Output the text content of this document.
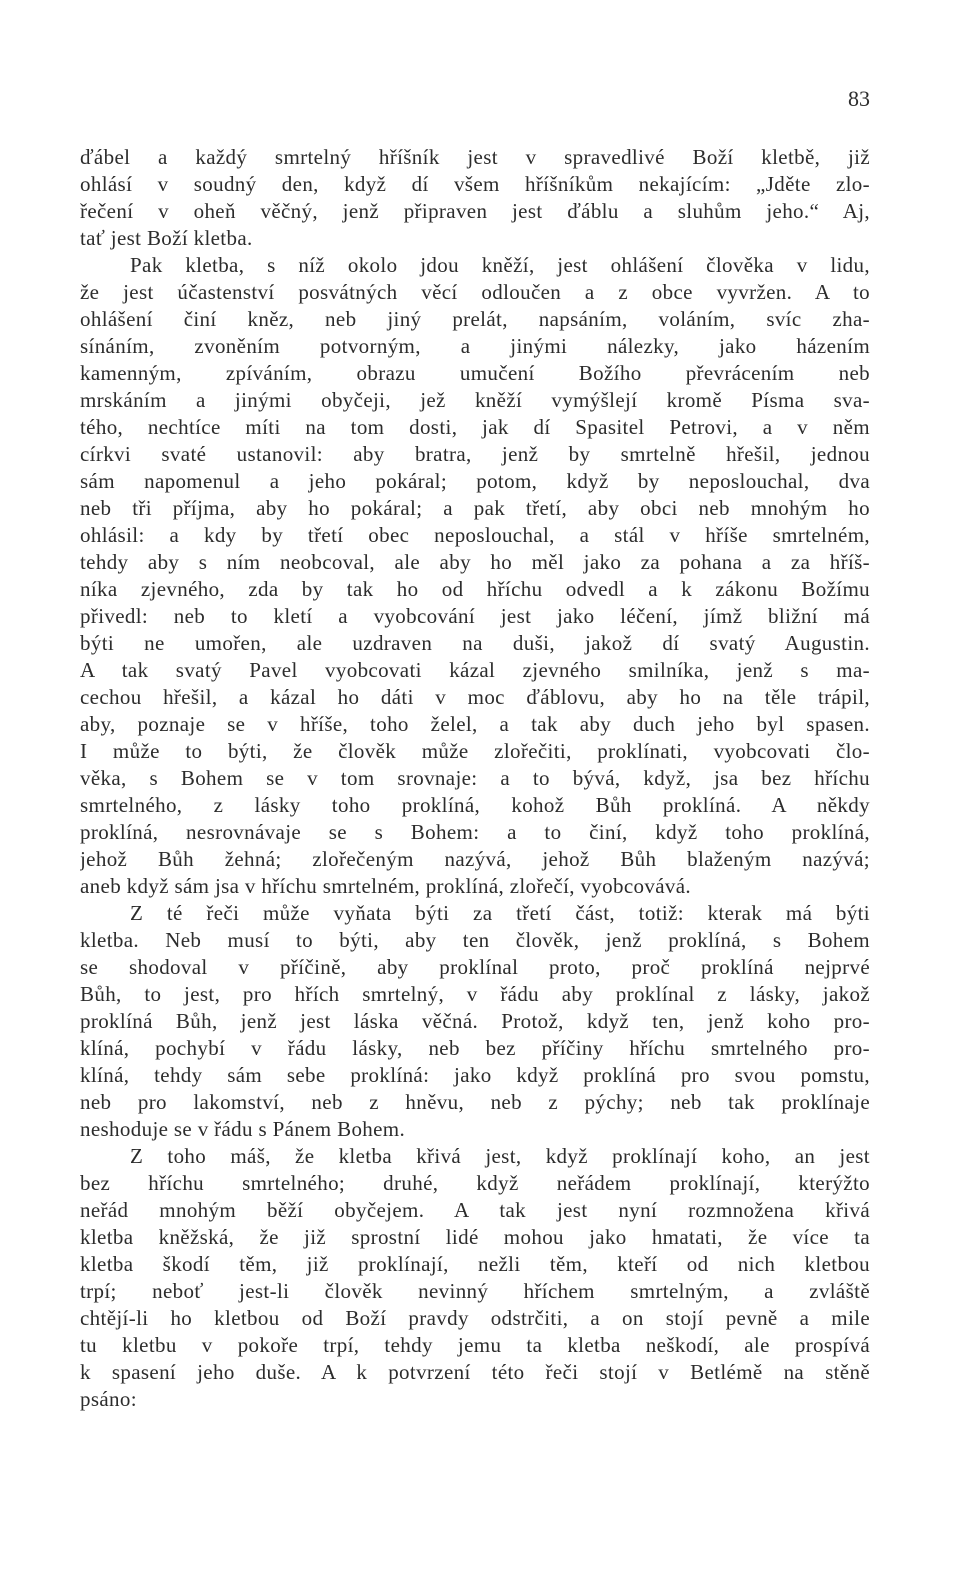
83
ďábel a každý smrtelný hříšník jest v spravedlivé Boží kletbě, již
ohlásí v soudný den, když dí všem hříšníkům nekajícím: „Jděte zlo-
řečení v oheň věčný, jenž připraven jest ďáblu a sluhům jeho.“ Aj,
tať jest Boží kletba.
Pak kletba, s níž okolo jdou kněží, jest ohlášení člověka v lidu,
že jest účastenství posvátných věcí odloučen a z obce vyvržen. A to
ohlášení činí kněz, neb jiný prelát, napsáním, voláním, svíc zha-
sínáním, zvoněním potvorným, a jinými nálezky, jako házením
kamenným, zpíváním, obrazu umučení Božího převrácením neb
mrskáním a jinými obyčeji, jež kněží vymýšlejí kromě Písma sva-
tého, nechtíce míti na tom dosti, jak dí Spasitel Petrovi, a v něm
církvi svaté ustanovil: aby bratra, jenž by smrtelně hřešil, jednou
sám napomenul a jeho pokáral; potom, když by neposlouchal, dva
neb tři příjma, aby ho pokáral; a pak třetí, aby obci neb mnohým ho
ohlásil: a kdy by třetí obec neposlouchal, a stál v hříše smrtelném,
tehdy aby s ním neobcoval, ale aby ho měl jako za pohana a za hříš-
níka zjevného, zda by tak ho od hříchu odvedl a k zákonu Božímu
přivedl: neb to kletí a vyobcování jest jako léčení, jímž bližní má
býti ne umořen, ale uzdraven na duši, jakož dí svatý Augustin.
A tak svatý Pavel vyobcovati kázal zjevného smilníka, jenž s ma-
cechou hřešil, a kázal ho dáti v moc ďáblovu, aby ho na těle trápil,
aby, poznaje se v hříše, toho želel, a tak aby duch jeho byl spasen.
I může to býti, že člověk může zlořečiti, proklínati, vyobcovati člo-
věka, s Bohem se v tom srovnaje: a to bývá, když, jsa bez hříchu
smrtelného, z lásky toho proklíná, kohož Bůh proklíná. A někdy
proklíná, nesrovnávaje se s Bohem: a to činí, když toho proklíná,
jehož Bůh žehná; zlořečeným nazývá, jehož Bůh blaženým nazývá;
aneb když sám jsa v hříchu smrtelném, proklíná, zlořečí, vyobcovává.
Z té řeči může vyňata býti za třetí část, totiž: kterak má býti
kletba. Neb musí to býti, aby ten člověk, jenž proklíná, s Bohem
se shodoval v příčině, aby proklínal proto, proč proklíná nejprvé
Bůh, to jest, pro hřích smrtelný, v řádu aby proklínal z lásky, jakož
proklíná Bůh, jenž jest láska věčná. Protož, když ten, jenž koho pro-
klíná, pochybí v řádu lásky, neb bez příčiny hříchu smrtelného pro-
klíná, tehdy sám sebe proklíná: jako když proklíná pro svou pomstu,
neb pro lakomství, neb z hněvu, neb z pýchy; neb tak proklínaje
neshoduje se v řádu s Pánem Bohem.
Z toho máš, že kletba křivá jest, když proklínají koho, an jest
bez hříchu smrtelného; druhé, když neřádem proklínají, kterýžto
neřád mnohým běží obyčejem. A tak jest nyní rozmnožena křivá
kletba kněžská, že již sprostní lidé mohou jako hmatati, že více ta
kletba škodí těm, již proklínají, nežli těm, kteří od nich kletbou
trpí; neboť jest-li člověk nevinný hříchem smrtelným, a zvláště
chtějí-li ho kletbou od Boží pravdy odstrčiti, a on stojí pevně a mile
tu kletbu v pokoře trpí, tehdy jemu ta kletba neškodí, ale prospívá
k spasení jeho duše. A k potvrzení této řeči stojí v Betlémě na stěně
psáno:
